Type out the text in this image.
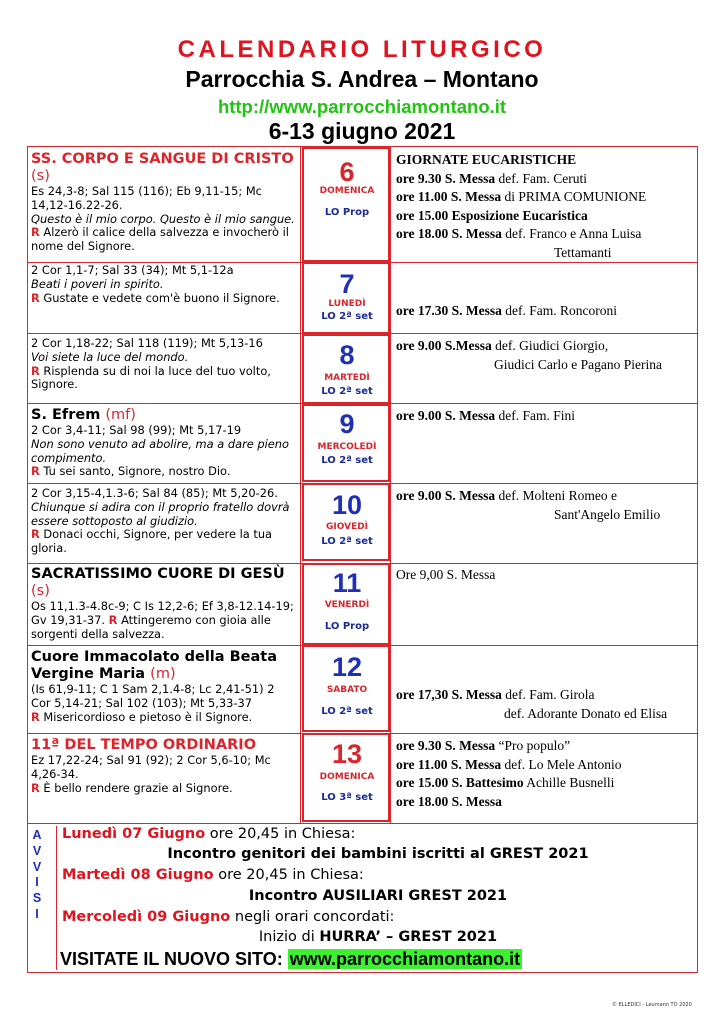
CALENDARIO LITURGICO
Parrocchia S. Andrea – Montano
http://www.parrocchiamontano.it
6-13 giugno 2021
SS. CORPO E SANGUE DI CRISTO (s)
Es 24,3-8; Sal 115 (116); Eb 9,11-15; Mc 14,12-16.22-26.
Questo è il mio corpo. Questo è il mio sangue. R Alzerò il calice della salvezza e invocherò il nome del Signore.
6
DOMENICA
LO Prop
GIORNATE EUCARISTICHE
ore 9.30 S. Messa def. Fam. Ceruti
ore 11.00 S. Messa di PRIMA COMUNIONE
ore 15.00 Esposizione Eucaristica
ore 18.00 S. Messa def. Franco e Anna Luisa
Tettamanti
2 Cor 1,1-7; Sal 33 (34); Mt 5,1-12a
Beati i poveri in spirito.
R Gustate e vedete com'è buono il Signore.	7
LUNEDÌ
LO 2ª set	ore 17.30 S. Messa def. Fam. Roncoroni
2 Cor 1,18-22; Sal 118 (119); Mt 5,13-16
Voi siete la luce del mondo.
R Risplenda su di noi la luce del tuo volto, Signore.
8
MARTEDÌ
LO 2ª set
ore 9.00 S.Messa def. Giudici Giorgio,
Giudici Carlo e Pagano Pierina
S. Efrem (mf)
2 Cor 3,4-11; Sal 98 (99); Mt 5,17-19
Non sono venuto ad abolire, ma a dare pieno compimento.
R Tu sei santo, Signore, nostro Dio.
9
MERCOLEDÌ
LO 2ª set
ore 9.00 S. Messa def. Fam. Fini
2 Cor 3,15-4,1.3-6; Sal 84 (85); Mt 5,20-26.
Chiunque si adira con il proprio fratello dovrà essere sottoposto al giudizio.
R Donaci occhi, Signore, per vedere la tua gloria.
10
GIOVEDÌ
LO 2ª set
ore 9.00 S. Messa def. Molteni Romeo e
Sant'Angelo Emilio
SACRATISSIMO CUORE DI GESÙ (s)
Os 11,1.3-4.8c-9; C Is 12,2-6; Ef 3,8-12.14-19; Gv 19,31-37. R Attingeremo con gioia alle sorgenti della salvezza.
11
VENERDÌ
LO Prop
Ore 9,00 S. Messa
Cuore Immacolato della Beata Vergine Maria (m)
(Is 61,9-11; C 1 Sam 2,1.4-8; Lc 2,41-51) 2 Cor 5,14-21; Sal 102 (103); Mt 5,33-37
R Misericordioso e pietoso è il Signore.
12
SABATO
LO 2ª set
ore 17,30 S. Messa def. Fam. Girola
def. Adorante Donato ed Elisa
11ª DEL TEMPO ORDINARIO
Ez 17,22-24; Sal 91 (92); 2 Cor 5,6-10; Mc 4,26-34.
R È bello rendere grazie al Signore.
13
DOMENICA
LO 3ª set
ore 9.30 S. Messa “Pro populo”
ore 11.00 S. Messa def. Lo Mele Antonio
ore 15.00 S. Battesimo Achille Busnelli
ore 18.00 S. Messa
A
V
V
I
S
I
Lunedì 07 Giugno ore 20,45 in Chiesa:
Incontro genitori dei bambini iscritti al GREST 2021
Martedì 08 Giugno ore 20,45 in Chiesa:
Incontro AUSILIARI GREST 2021
Mercoledì 09 Giugno negli orari concordati:
Inizio di HURRA’ – GREST 2021
VISITATE IL NUOVO SITO: www.parrocchiamontano.it
© ELLEDICI - Leumann TO 2020
